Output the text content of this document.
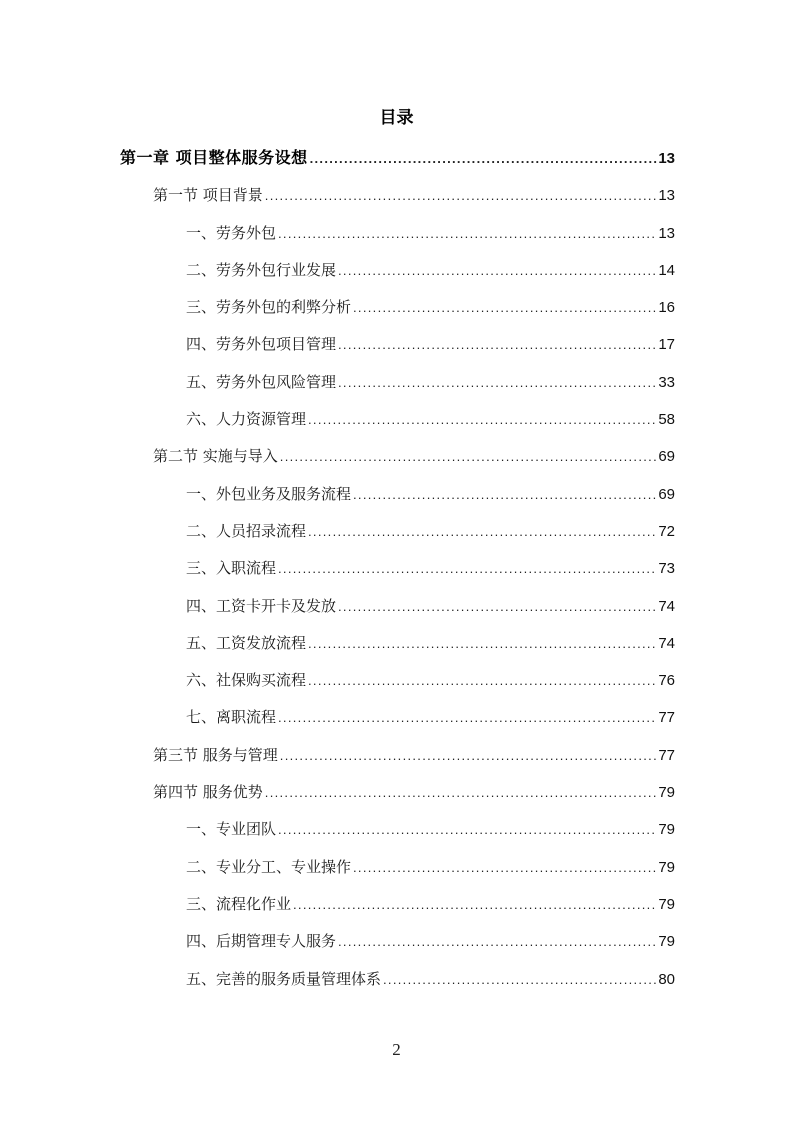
目录
第一章 项目整体服务设想 .....	13
第一节 项目背景 .....	13
一、劳务外包 .....	13
二、劳务外包行业发展 .....	14
三、劳务外包的利弊分析 .....	16
四、劳务外包项目管理 .....	17
五、劳务外包风险管理 .....	33
六、人力资源管理 .....	58
第二节 实施与导入 .....	69
一、外包业务及服务流程 .....	69
二、人员招录流程 .....	72
三、入职流程 .....	73
四、工资卡开卡及发放 .....	74
五、工资发放流程 .....	74
六、社保购买流程 .....	76
七、离职流程 .....	77
第三节 服务与管理 .....	77
第四节 服务优势 .....	79
一、专业团队 .....	79
二、专业分工、专业操作 .....	79
三、流程化作业 .....	79
四、后期管理专人服务 .....	79
五、完善的服务质量管理体系 .....	80
2
